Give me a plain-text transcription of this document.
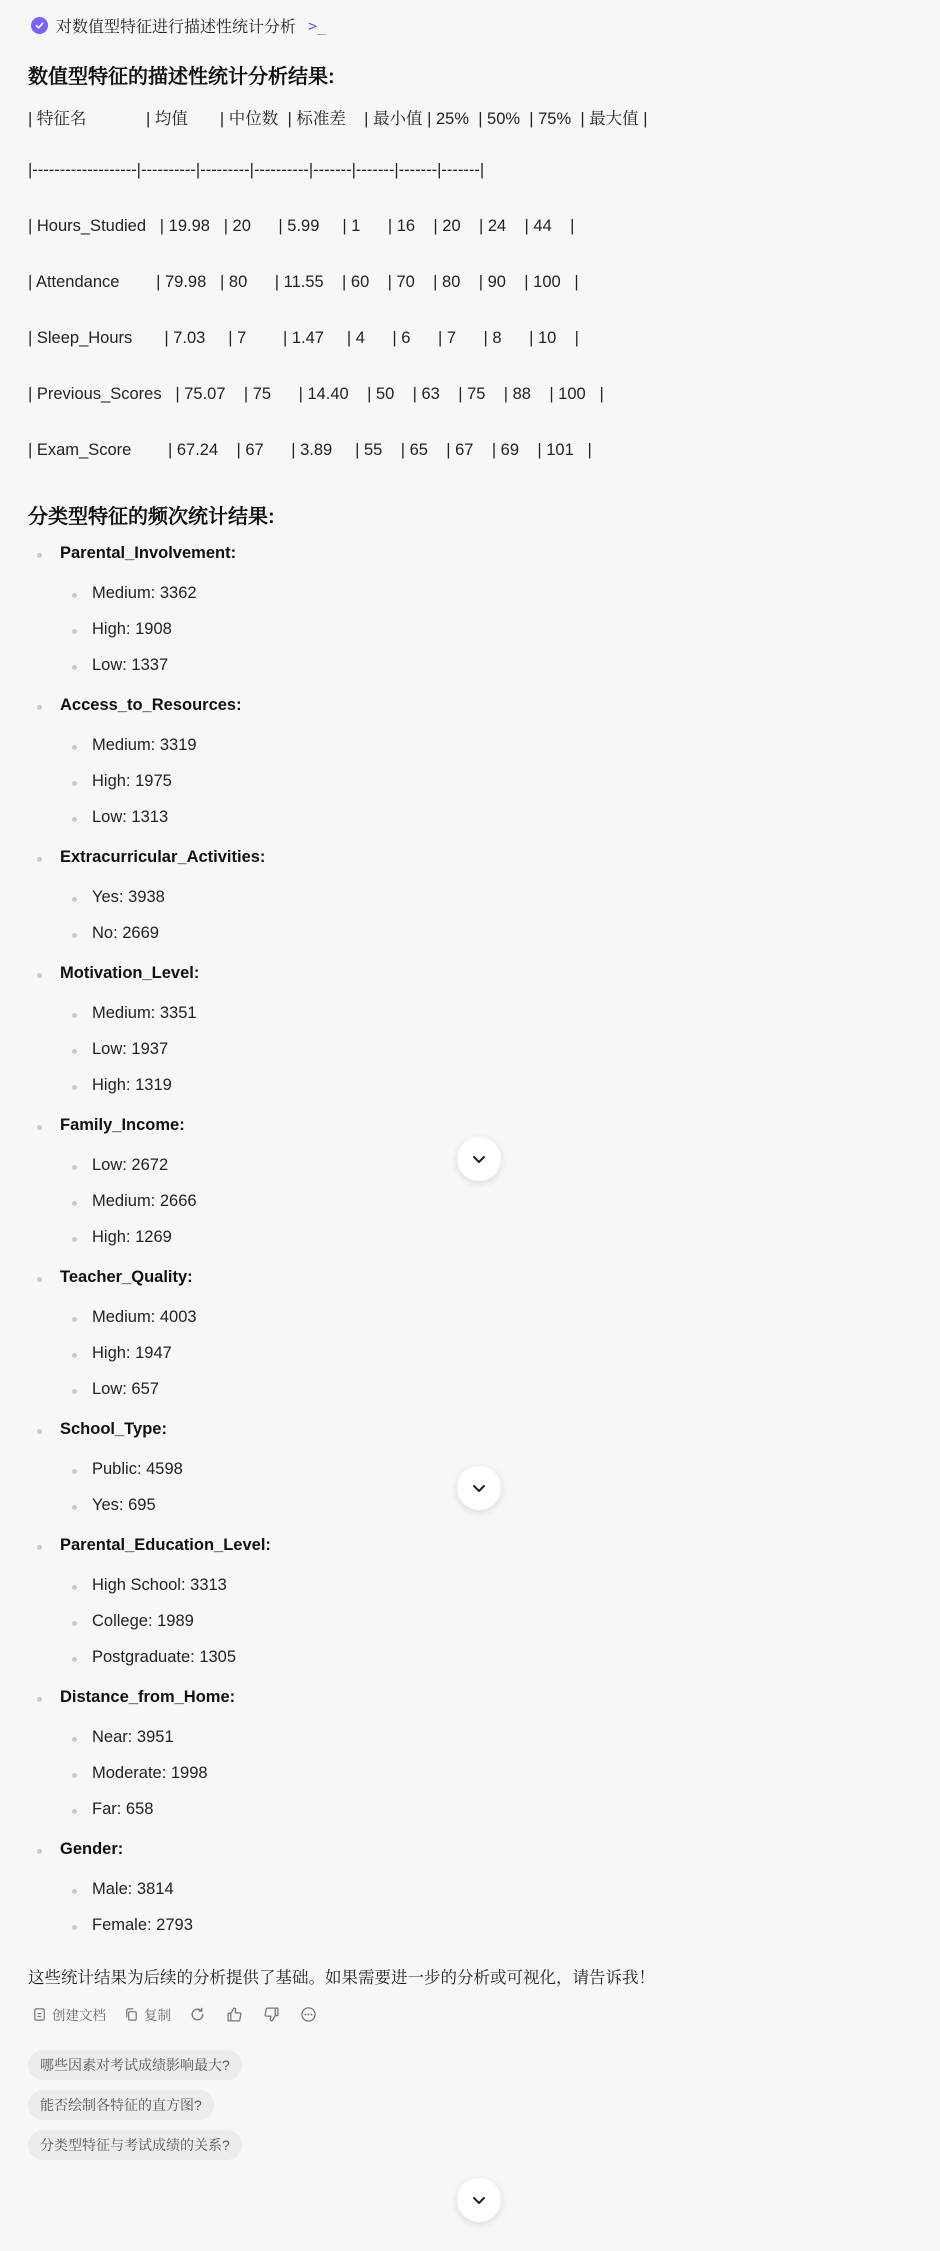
对数值型特征进行描述性统计分析 >_
数值型特征的描述性统计分析结果:
| 特征名             | 均值       | 中位数  | 标准差    | 最小值 | 25%  | 50%  | 75%  | 最大值 |
|-------------------|----------|---------|----------|-------|-------|-------|-------|
| Hours_Studied   | 19.98   | 20      | 5.99     | 1      | 16    | 20    | 24    | 44    |
| Attendance        | 79.98   | 80      | 11.55    | 60    | 70    | 80    | 90    | 100   |
| Sleep_Hours       | 7.03     | 7        | 1.47     | 4      | 6      | 7      | 8      | 10    |
| Previous_Scores   | 75.07    | 75      | 14.40    | 50    | 63    | 75    | 88    | 100   |
| Exam_Score        | 67.24    | 67      | 3.89     | 55    | 65    | 67    | 69    | 101   |
分类型特征的频次统计结果:
Parental_Involvement:
Medium: 3362
High: 1908
Low: 1337
Access_to_Resources:
Medium: 3319
High: 1975
Low: 1313
Extracurricular_Activities:
Yes: 3938
No: 2669
Motivation_Level:
Medium: 3351
Low: 1937
High: 1319
Family_Income:
Low: 2672
Medium: 2666
High: 1269
Teacher_Quality:
Medium: 4003
High: 1947
Low: 657
School_Type:
Public: 4598
Yes: 695
Parental_Education_Level:
High School: 3313
College: 1989
Postgraduate: 1305
Distance_from_Home:
Near: 3951
Moderate: 1998
Far: 658
Gender:
Male: 3814
Female: 2793
这些统计结果为后续的分析提供了基础。如果需要进一步的分析或可视化，请告诉我！
创建文档	复制
哪些因素对考试成绩影响最大?
能否绘制各特征的直方图?
分类型特征与考试成绩的关系?
